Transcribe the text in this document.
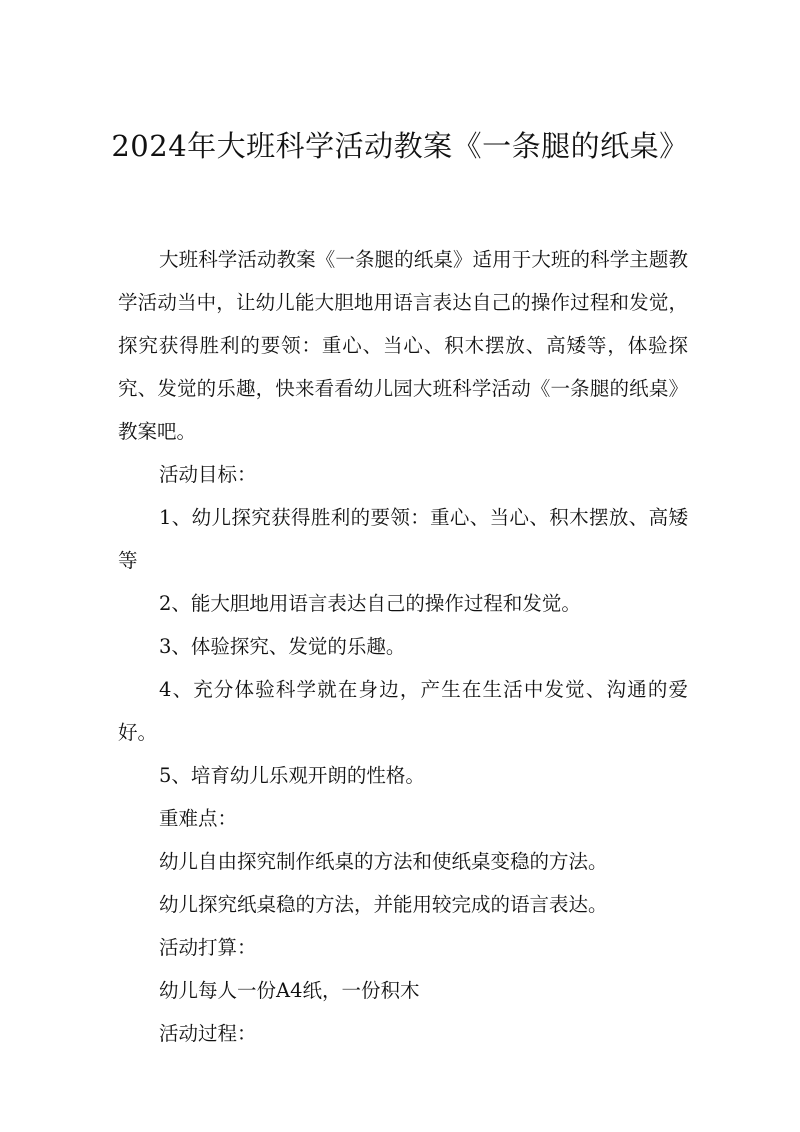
2024年大班科学活动教案《一条腿的纸桌》

大班科学活动教案《一条腿的纸桌》适用于大班的科学主题教学活动当中，让幼儿能大胆地用语言表达自己的操作过程和发觉，探究获得胜利的要领：重心、当心、积木摆放、高矮等，体验探究、发觉的乐趣，快来看看幼儿园大班科学活动《一条腿的纸桌》教案吧。

活动目标：

1、幼儿探究获得胜利的要领：重心、当心、积木摆放、高矮等

2、能大胆地用语言表达自己的操作过程和发觉。

3、体验探究、发觉的乐趣。

4、充分体验科学就在身边，产生在生活中发觉、沟通的爱好。

5、培育幼儿乐观开朗的性格。

重难点：

幼儿自由探究制作纸桌的方法和使纸桌变稳的方法。

幼儿探究纸桌稳的方法，并能用较完成的语言表达。

活动打算：

幼儿每人一份A4纸，一份积木

活动过程：
